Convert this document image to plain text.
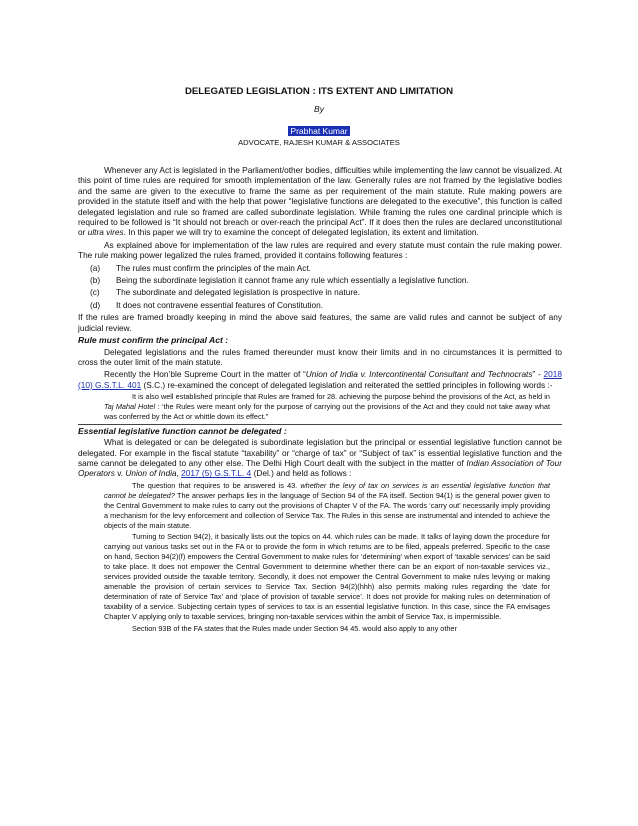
DELEGATED LEGISLATION : ITS EXTENT AND LIMITATION
By
Prabhat Kumar
ADVOCATE, RAJESH KUMAR & ASSOCIATES

Whenever any Act is legislated in the Parliament/other bodies, difficulties while implementing the law cannot be visualized. At this point of time rules are required for smooth implementation of the law. Generally rules are not framed by the legislative bodies and the same are given to the executive to frame the same as per requirement of the main statute. Rule making powers are provided in the statute itself and with the help that power “legislative functions are delegated to the executive”, this function is called delegated legislation and rule so framed are called subordinate legislation. While framing the rules one cardinal principle which is required to be followed is “It should not breach or over-reach the principal Act”. If it does then the rules are declared unconstitutional or ultra vires. In this paper we will try to examine the concept of delegated legislation, its extent and limitation.

As explained above for implementation of the law rules are required and every statute must contain the rule making power. The rule making power legalized the rules framed, provided it contains following features :

(a)	The rules must confirm the principles of the main Act.
(b)	Being the subordinate legislation it cannot frame any rule which essentially a legislative function.
(c)	The subordinate and delegated legislation is prospective in nature.
(d)	It does not contravene essential features of Constitution.

If the rules are framed broadly keeping in mind the above said features, the same are valid rules and cannot be subject of any judicial review.

Rule must confirm the principal Act :

Delegated legislations and the rules framed thereunder must know their limits and in no circumstances it is permitted to cross the outer limit of the main statute.

Recently the Hon’ble Supreme Court in the matter of “Union of India v. Intercontinental Consultant and Technocrats” - 2018 (10) G.S.T.L. 401 (S.C.) re-examined the concept of delegated legislation and reiterated the settled principles in following words :-

It is also well established principle that Rules are framed for 28. achieving the purpose behind the provisions of the Act, as held in Taj Mahal Hotel : ‘the Rules were meant only for the purpose of carrying out the provisions of the Act and they could not take away what was conferred by the Act or whittle down its effect.”

Essential legislative function cannot be delegated :

What is delegated or can be delegated is subordinate legislation but the principal or essential legislative function cannot be delegated. For example in the fiscal statute “taxability” or “charge of tax” or “Subject of tax” is essential legislative function and the same cannot be delegated to any other else. The Delhi High Court dealt with the subject in the matter of Indian Association of Tour Operators v. Union of India, 2017 (5) G.S.T.L. 4 (Del.) and held as follows :

The question that requires to be answered is 43. whether the levy of tax on services is an essential legislative function that cannot be delegated? The answer perhaps lies in the language of Section 94 of the FA itself. Section 94(1) is the general power given to the Central Government to make rules to carry out the provisions of Chapter V of the FA. The words ‘carry out’ necessarily imply providing a mechanism for the levy enforcement and collection of Service Tax. The Rules in this sense are instrumental and intended to achieve the objects of the main statute.

Turning to Section 94(2), it basically lists out the topics on 44. which rules can be made. It talks of laying down the procedure for carrying out various tasks set out in the FA or to provide the form in which returns are to be filed, appeals preferred. Specific to the case on hand, Section 94(2)(f) empowers the Central Government to make rules for ‘determining’ when export of ‘taxable services’ can be said to take place. It does not empower the Central Government to determine whether there can be an export of non-taxable services viz., services provided outside the taxable territory. Secondly, it does not empower the Central Government to make rules levying or making amenable the provision of certain services to Service Tax. Section 94(2)(hhh) also permits making rules regarding the ‘date for determination of rate of Service Tax’ and ‘place of provision of taxable service’. It does not provide for making rules on determination of taxability of a service. Subjecting certain types of services to tax is an essential legislative function. In this case, since the FA envisages Chapter V applying only to taxable services, bringing non-taxable services within the ambit of Service Tax, is impermissible.

Section 93B of the FA states that the Rules made under Section 94 45. would also apply to any other
